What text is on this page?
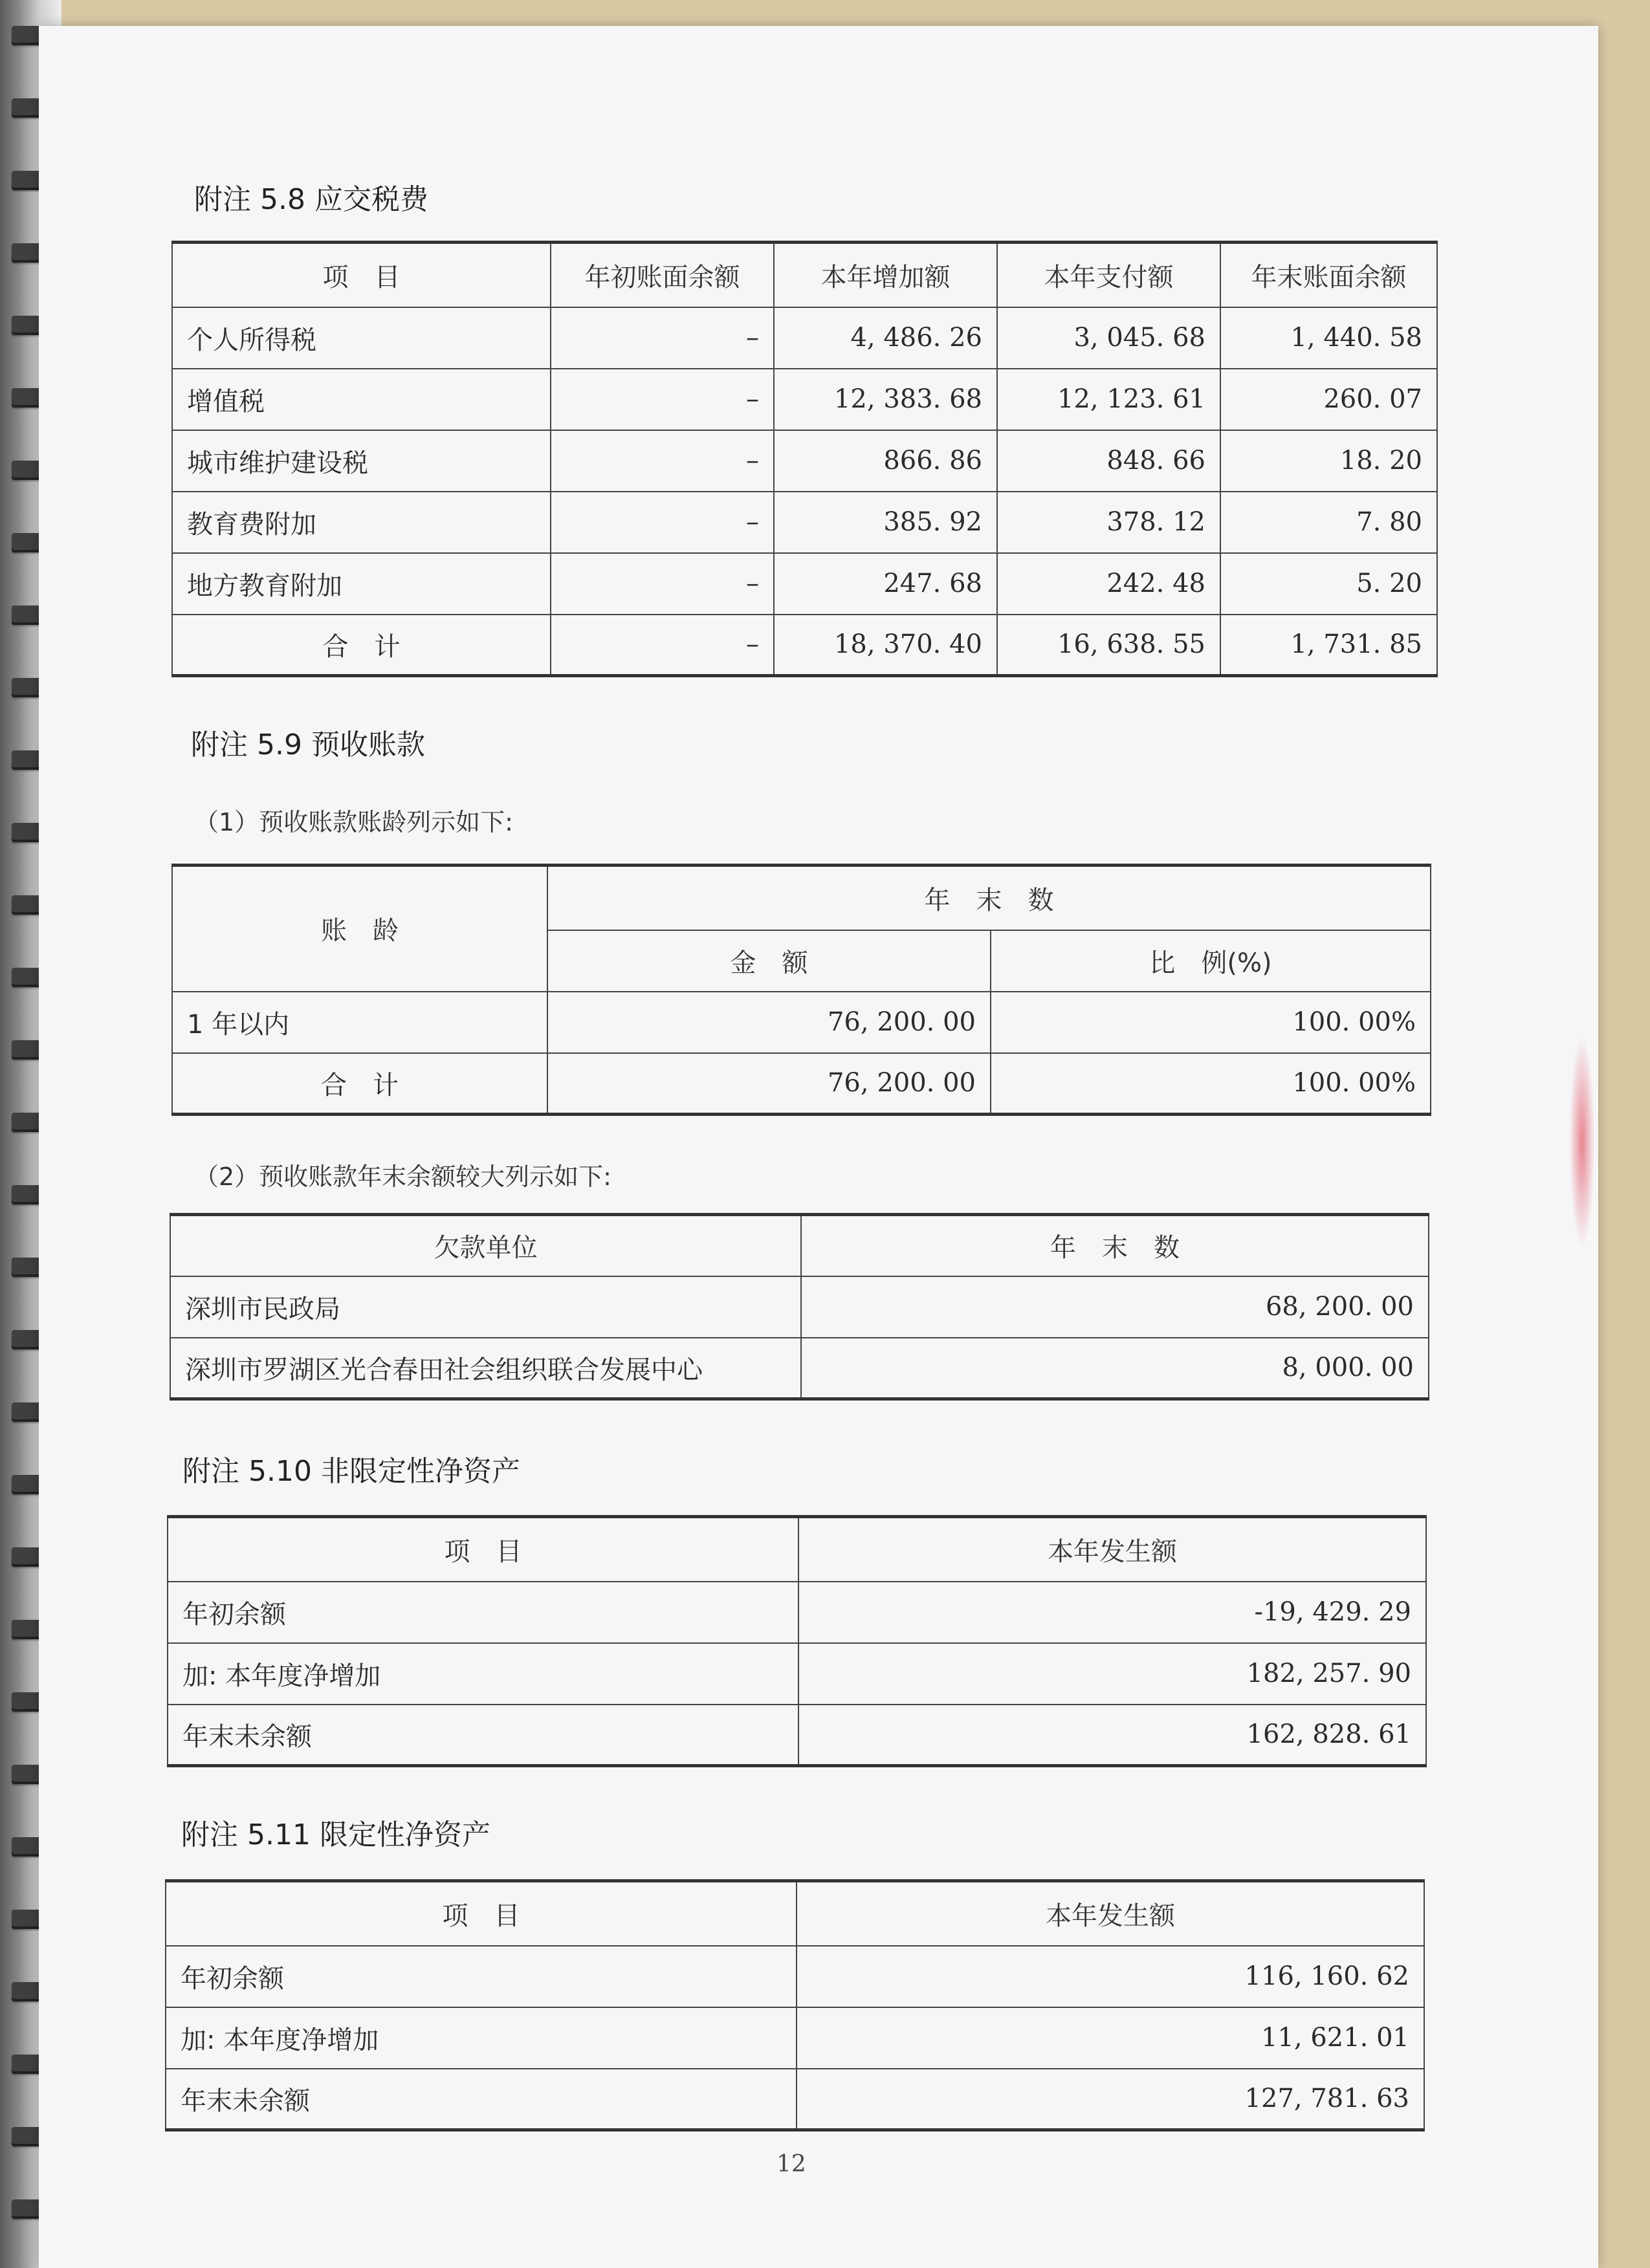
附注 5.8 应交税费
项　目	年初账面余额	本年增加额	本年支付额	年末账面余额
个人所得税	–	4, 486. 26	3, 045. 68	1, 440. 58
增值税	–	12, 383. 68	12, 123. 61	260. 07
城市维护建设税	–	866. 86	848. 66	18. 20
教育费附加	–	385. 92	378. 12	7. 80
地方教育附加	–	247. 68	242. 48	5. 20
合　计	–	18, 370. 40	16, 638. 55	1, 731. 85
附注 5.9 预收账款
（1）预收账款账龄列示如下:
账　龄	年　末　数	
	金　额	比　例(%)
1 年以内	76, 200. 00	100. 00%
合　计	76, 200. 00	100. 00%
（2）预收账款年末余额较大列示如下:
欠款单位	年　末　数
深圳市民政局	68, 200. 00
深圳市罗湖区光合春田社会组织联合发展中心	8, 000. 00
附注 5.10 非限定性净资产
项　目	本年发生额
年初余额	-19, 429. 29
加: 本年度净增加	182, 257. 90
年末未余额	162, 828. 61
附注 5.11 限定性净资产
项　目	本年发生额
年初余额	116, 160. 62
加: 本年度净增加	11, 621. 01
年末未余额	127, 781. 63
12
